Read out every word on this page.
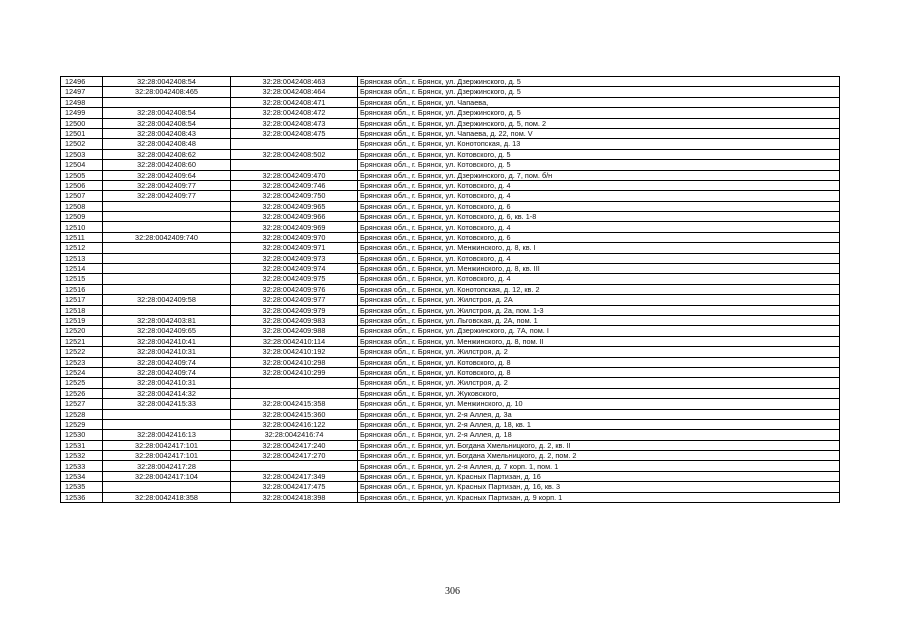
12496	32:28:0042408:54	32:28:0042408:463	Брянская обл., г. Брянск, ул. Дзержинского, д. 5
12497	32:28:0042408:465	32:28:0042408:464	Брянская обл., г. Брянск, ул. Дзержинского, д. 5
12498		32:28:0042408:471	Брянская обл., г. Брянск, ул. Чапаева,
12499	32:28:0042408:54	32:28:0042408:472	Брянская обл., г. Брянск, ул. Дзержинского, д. 5
12500	32:28:0042408:54	32:28:0042408:473	Брянская обл., г. Брянск, ул. Дзержинского, д. 5, пом. 2
12501	32:28:0042408:43	32:28:0042408:475	Брянская обл., г. Брянск, ул. Чапаева, д. 22, пом. V
12502	32:28:0042408:48		Брянская обл., г. Брянск, ул. Конотопская, д. 13
12503	32:28:0042408:62	32:28:0042408:502	Брянская обл., г. Брянск, ул. Котовского, д. 5
12504	32:28:0042408:60		Брянская обл., г. Брянск, ул. Котовского, д. 5
12505	32:28:0042409:64	32:28:0042409:470	Брянская обл., г. Брянск, ул. Дзержинского, д. 7, пом. б/н
12506	32:28:0042409:77	32:28:0042409:746	Брянская обл., г. Брянск, ул. Котовского, д. 4
12507	32:28:0042409:77	32:28:0042409:750	Брянская обл., г. Брянск, ул. Котовского, д. 4
12508		32:28:0042409:965	Брянская обл., г. Брянск, ул. Котовского, д. 6
12509		32:28:0042409:966	Брянская обл., г. Брянск, ул. Котовского, д. 6, кв. 1-8
12510		32:28:0042409:969	Брянская обл., г. Брянск, ул. Котовского, д. 4
12511	32:28:0042409:740	32:28:0042409:970	Брянская обл., г. Брянск, ул. Котовского, д. 6
12512		32:28:0042409:971	Брянская обл., г. Брянск, ул. Менжинского, д. 8, кв. I
12513		32:28:0042409:973	Брянская обл., г. Брянск, ул. Котовского, д. 4
12514		32:28:0042409:974	Брянская обл., г. Брянск, ул. Менжинского, д. 8, кв. III
12515		32:28:0042409:975	Брянская обл., г. Брянск, ул. Котовского, д. 4
12516		32:28:0042409:976	Брянская обл., г. Брянск, ул. Конотопская, д. 12, кв. 2
12517	32:28:0042409:58	32:28:0042409:977	Брянская обл., г. Брянск, ул. Жилстроя, д. 2А
12518		32:28:0042409:979	Брянская обл., г. Брянск, ул. Жилстроя, д. 2а, пом. 1-3
12519	32:28:0042403:81	32:28:0042409:983	Брянская обл., г. Брянск, ул. Льговская, д. 2А, пом. 1
12520	32:28:0042409:65	32:28:0042409:988	Брянская обл., г. Брянск, ул. Дзержинского, д. 7А, пом. I
12521	32:28:0042410:41	32:28:0042410:114	Брянская обл., г. Брянск, ул. Менжинского, д. 8, пом. II
12522	32:28:0042410:31	32:28:0042410:192	Брянская обл., г. Брянск, ул. Жилстроя, д. 2
12523	32:28:0042409:74	32:28:0042410:298	Брянская обл., г. Брянск, ул. Котовского, д. 8
12524	32:28:0042409:74	32:28:0042410:299	Брянская обл., г. Брянск, ул. Котовского, д. 8
12525	32:28:0042410:31		Брянская обл., г. Брянск, ул. Жилстроя, д. 2
12526	32:28:0042414:32		Брянская обл., г. Брянск, ул. Жуковского,
12527	32:28:0042415:33	32:28:0042415:358	Брянская обл., г. Брянск, ул. Менжинского, д. 10
12528		32:28:0042415:360	Брянская обл., г. Брянск, ул. 2-я Аллея, д. 3а
12529		32:28:0042416:122	Брянская обл., г. Брянск, ул. 2-я Аллея, д. 18, кв. 1
12530	32:28:0042416:13	32:28:0042416:74	Брянская обл., г. Брянск, ул. 2-я Аллея, д. 18
12531	32:28:0042417:101	32:28:0042417:240	Брянская обл., г. Брянск, ул. Богдана Хмельницкого, д. 2, кв. II
12532	32:28:0042417:101	32:28:0042417:270	Брянская обл., г. Брянск, ул. Богдана Хмельницкого, д. 2, пом. 2
12533	32:28:0042417:28		Брянская обл., г. Брянск, ул. 2-я Аллея, д. 7 корп. 1, пом. 1
12534	32:28:0042417:104	32:28:0042417:349	Брянская обл., г. Брянск, ул. Красных Партизан, д. 16
12535		32:28:0042417:475	Брянская обл., г. Брянск, ул. Красных Партизан, д. 16, кв. 3
12536	32:28:0042418:358	32:28:0042418:398	Брянская обл., г. Брянск, ул. Красных Партизан, д. 9 корп. 1
306
